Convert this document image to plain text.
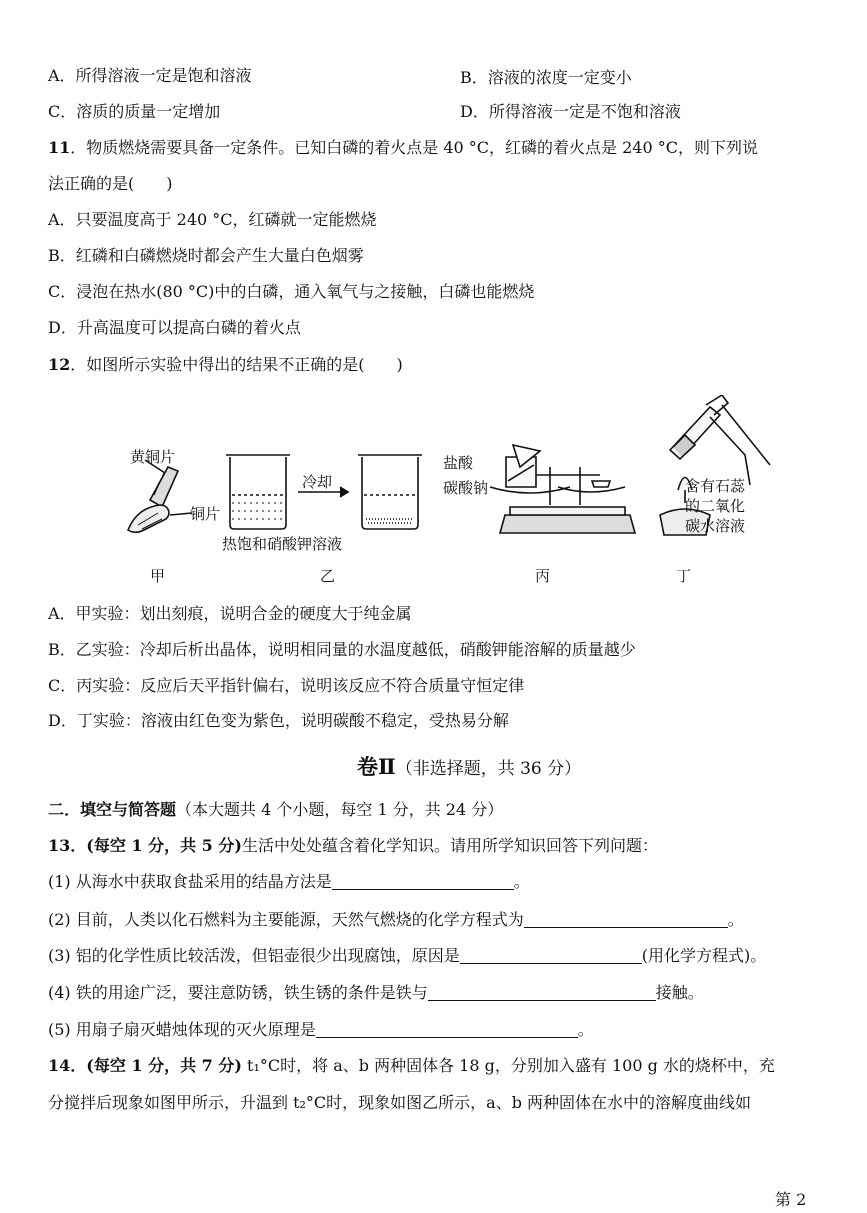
A．所得溶液一定是饱和溶液	B．溶液的浓度一定变小
C．溶质的质量一定增加	D．所得溶液一定是不饱和溶液
11．物质燃烧需要具备一定条件。已知白磷的着火点是 40 °C，红磷的着火点是 240 °C，则下列说
法正确的是(　　)
A．只要温度高于 240 °C，红磷就一定能燃烧
B．红磷和白磷燃烧时都会产生大量白色烟雾
C．浸泡在热水(80 °C)中的白磷，通入氧气与之接触，白磷也能燃烧
D．升高温度可以提高白磷的着火点
12．如图所示实验中得出的结果不正确的是(　　)
黄铜片
铜片
冷却
热饱和硝酸钾溶液
盐酸
碳酸钠	含有石蕊
的二氧化
碳水溶液
甲	乙	丙	丁
A．甲实验：划出刻痕，说明合金的硬度大于纯金属
B．乙实验：冷却后析出晶体，说明相同量的水温度越低，硝酸钾能溶解的质量越少
C．丙实验：反应后天平指针偏右，说明该反应不符合质量守恒定律
D．丁实验：溶液由红色变为紫色，说明碳酸不稳定，受热易分解
卷Ⅱ（非选择题，共 36 分）
二．填空与简答题（本大题共 4 个小题，每空 1 分，共 24 分）
13．(每空 1 分，共 5 分)生活中处处蕴含着化学知识。请用所学知识回答下列问题：
(1) 从海水中获取食盐采用的结晶方法是	。
(2) 目前，人类以化石燃料为主要能源，天然气燃烧的化学方程式为	。
(3) 铝的化学性质比较活泼，但铝壶很少出现腐蚀，原因是	(用化学方程式)。
(4) 铁的用途广泛，要注意防锈，铁生锈的条件是铁与	接触。
(5) 用扇子扇灭蜡烛体现的灭火原理是	。
14．(每空 1 分，共 7 分) t₁°C时，将 a、b 两种固体各 18 g，分别加入盛有 100 g 水的烧杯中，充
分搅拌后现象如图甲所示，升温到 t₂°C时，现象如图乙所示，a、b 两种固体在水中的溶解度曲线如
第 2
